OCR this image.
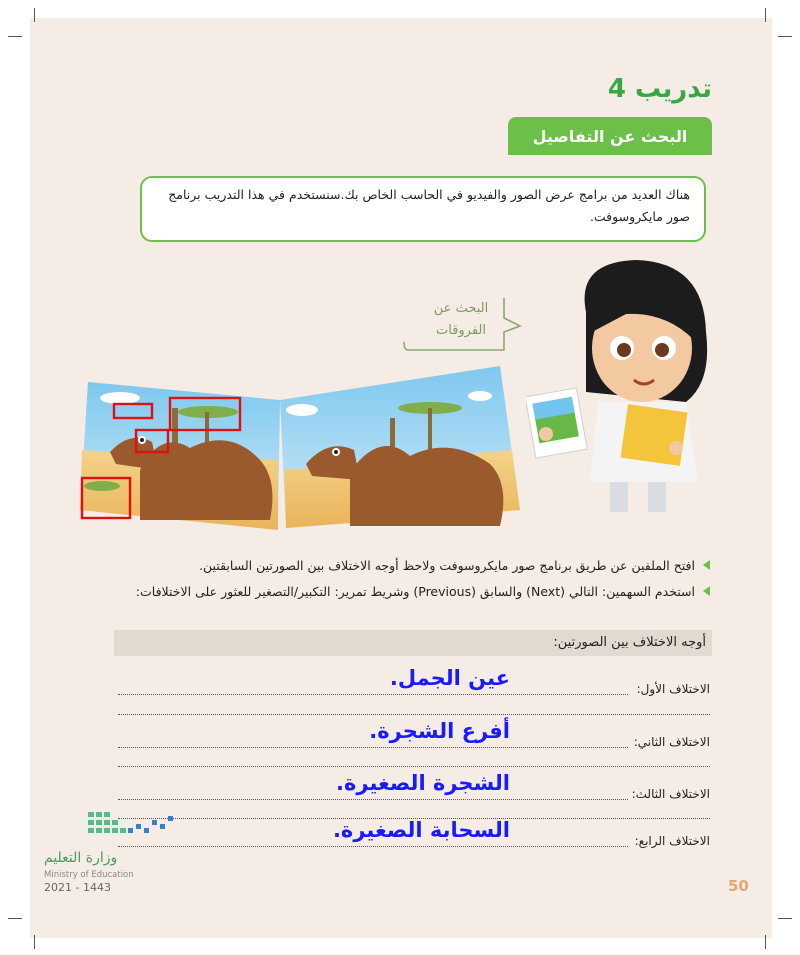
تدريب 4
البحث عن التفاصيل
هناك العديد من برامج عرض الصور والفيديو في الحاسب الخاص بك.سنستخدم في هذا التدريب برنامج صور مايكروسوفت.
البحث عن الفروقات
افتح الملفين عن طريق برنامج صور مايكروسوفت ولاحظ أوجه الاختلاف بين الصورتين السابقتين.
استخدم السهمين: التالي (Next) والسابق (Previous) وشريط تمرير: التكبير/التصغير للعثور على الاختلافات:
أوجه الاختلاف بين الصورتين:
الاختلاف الأول:
عين الجمل.
الاختلاف الثاني:
أفرع الشجرة.
الاختلاف الثالث:
الشجرة الصغيرة.
الاختلاف الرابع:
السحابة الصغيرة.
وزارة التعليم
Ministry of Education
2021 - 1443	50
